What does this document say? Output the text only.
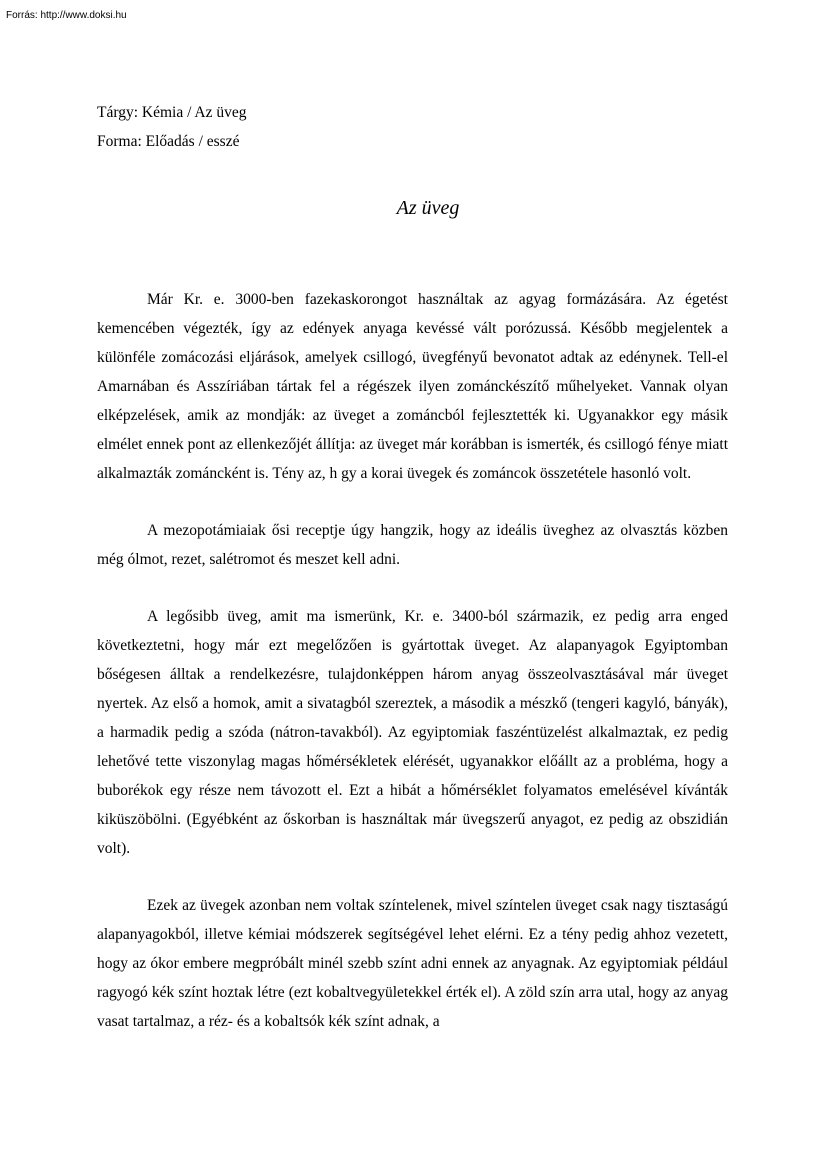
Forrás: http://www.doksi.hu
Tárgy: Kémia / Az üveg
Forma: Előadás / esszé
Az üveg

Már Kr. e. 3000-ben fazekaskorongot használtak az agyag formázására. Az égetést kemencében végezték, így az edények anyaga kevéssé vált porózussá. Később megjelentek a különféle zomácozási eljárások, amelyek csillogó, üvegfényű bevonatot adtak az edénynek. Tell-el Amarnában és Asszíriában tártak fel a régészek ilyen zománckészítő műhelyeket. Vannak olyan elképzelések, amik az mondják: az üveget a zománcból fejlesztették ki. Ugyanakkor egy másik elmélet ennek pont az ellenkezőjét állítja: az üveget már korábban is ismerték, és csillogó fénye miatt alkalmazták zománcként is. Tény az, h gy a korai üvegek és zománcok összetétele hasonló volt.

A mezopotámiaiak ősi receptje úgy hangzik, hogy az ideális üveghez az olvasztás közben még ólmot, rezet, salétromot és meszet kell adni.

A legősibb üveg, amit ma ismerünk, Kr. e. 3400-ból származik, ez pedig arra enged következtetni, hogy már ezt megelőzően is gyártottak üveget. Az alapanyagok Egyiptomban bőségesen álltak a rendelkezésre, tulajdonképpen három anyag összeolvasztásával már üveget nyertek. Az első a homok, amit a sivatagból szereztek, a második a mészkő (tengeri kagyló, bányák), a harmadik pedig a szóda (nátron-tavakból). Az egyiptomiak faszéntüzelést alkalmaztak, ez pedig lehetővé tette viszonylag magas hőmérsékletek elérését, ugyanakkor előállt az a probléma, hogy a buborékok egy része nem távozott el. Ezt a hibát a hőmérséklet folyamatos emelésével kívánták kiküszöbölni. (Egyébként az őskorban is használtak már üvegszerű anyagot, ez pedig az obszidián volt).

Ezek az üvegek azonban nem voltak színtelenek, mivel színtelen üveget csak nagy tisztaságú alapanyagokból, illetve kémiai módszerek segítségével lehet elérni. Ez a tény pedig ahhoz vezetett, hogy az ókor embere megpróbált minél szebb színt adni ennek az anyagnak. Az egyiptomiak például ragyogó kék színt hoztak létre (ezt kobaltvegyületekkel érték el). A zöld szín arra utal, hogy az anyag vasat tartalmaz, a réz- és a kobaltsók kék színt adnak, a
